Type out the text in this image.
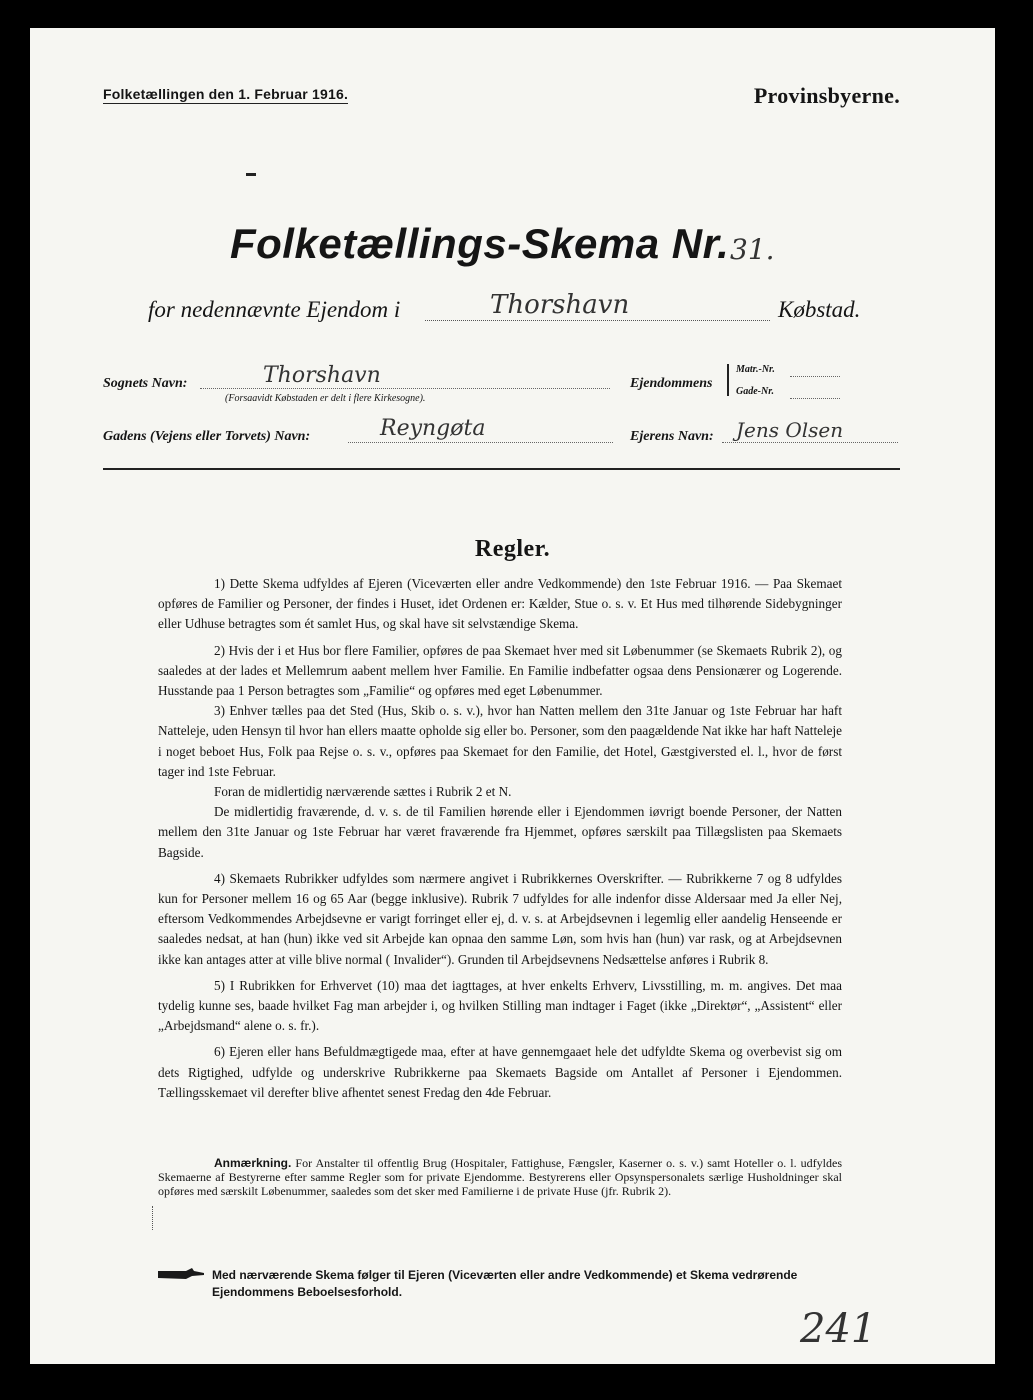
Folketællingen den 1. Februar 1916.	Provinsbyerne.
Folketællings-Skema Nr. 31.
for nedennævnte Ejendom i	Thorshavn	Købstad.
Sognets Navn:	Thorshavn
(Forsaavidt Købstaden er delt i flere Kirkesogne).
Ejendommens
Matr.-Nr.
Gade-Nr.
Gadens (Vejens eller Torvets) Navn:	Reyngøta	Ejerens Navn: Jens Olsen
Regler.

1) Dette Skema udfyldes af Ejeren (Viceværten eller andre Vedkommende) den 1ste Februar 1916. — Paa Skemaet opføres de Familier og Personer, der findes i Huset, idet Ordenen er: Kælder, Stue o. s. v. Et Hus med tilhørende Sidebygninger eller Udhuse betragtes som ét samlet Hus, og skal have sit selvstændige Skema.

2) Hvis der i et Hus bor flere Familier, opføres de paa Skemaet hver med sit Løbenummer (se Skemaets Rubrik 2), og saaledes at der lades et Mellemrum aabent mellem hver Familie. En Familie indbefatter ogsaa dens Pensionærer og Logerende. Husstande paa 1 Person betragtes som „Familie“ og opføres med eget Løbenummer.

3) Enhver tælles paa det Sted (Hus, Skib o. s. v.), hvor han Natten mellem den 31te Januar og 1ste Februar har haft Natteleje, uden Hensyn til hvor han ellers maatte opholde sig eller bo. Personer, som den paagældende Nat ikke har haft Natteleje i noget beboet Hus, Folk paa Rejse o. s. v., opføres paa Skemaet for den Familie, det Hotel, Gæstgiversted el. l., hvor de først tager ind 1ste Februar.

Foran de midlertidig nærværende sættes i Rubrik 2 et N.

De midlertidig fraværende, d. v. s. de til Familien hørende eller i Ejendommen iøvrigt boende Personer, der Natten mellem den 31te Januar og 1ste Februar har været fraværende fra Hjemmet, opføres særskilt paa Tillægslisten paa Skemaets Bagside.

4) Skemaets Rubrikker udfyldes som nærmere angivet i Rubrikkernes Overskrifter. — Rubrikkerne 7 og 8 udfyldes kun for Personer mellem 16 og 65 Aar (begge inklusive). Rubrik 7 udfyldes for alle indenfor disse Aldersaar med Ja eller Nej, eftersom Vedkommendes Arbejdsevne er varigt forringet eller ej, d. v. s. at Arbejdsevnen i legemlig eller aandelig Henseende er saaledes nedsat, at han (hun) ikke ved sit Arbejde kan opnaa den samme Løn, som hvis han (hun) var rask, og at Arbejdsevnen ikke kan antages atter at ville blive normal ( Invalider“). Grunden til Arbejdsevnens Nedsættelse anføres i Rubrik 8.

5) I Rubrikken for Erhvervet (10) maa det iagttages, at hver enkelts Erhverv, Livsstilling, m. m. angives. Det maa tydelig kunne ses, baade hvilket Fag man arbejder i, og hvilken Stilling man indtager i Faget (ikke „Direktør“, „Assistent“ eller „Arbejdsmand“ alene o. s. fr.).

6) Ejeren eller hans Befuldmægtigede maa, efter at have gennemgaaet hele det udfyldte Skema og overbevist sig om dets Rigtighed, udfylde og underskrive Rubrikkerne paa Skemaets Bagside om Antallet af Personer i Ejendommen. Tællingsskemaet vil derefter blive afhentet senest Fredag den 4de Februar.

Anmærkning. For Anstalter til offentlig Brug (Hospitaler, Fattighuse, Fængsler, Kaserner o. s. v.) samt Hoteller o. l. udfyldes Skemaerne af Bestyrerne efter samme Regler som for private Ejendomme. Bestyrerens eller Opsynspersonalets særlige Husholdninger skal opføres med særskilt Løbenummer, saaledes som det sker med Familierne i de private Huse (jfr. Rubrik 2).
Med nærværende Skema følger til Ejeren (Viceværten eller andre Vedkommende) et Skema vedrørende Ejendommens Beboelsesforhold.
241
